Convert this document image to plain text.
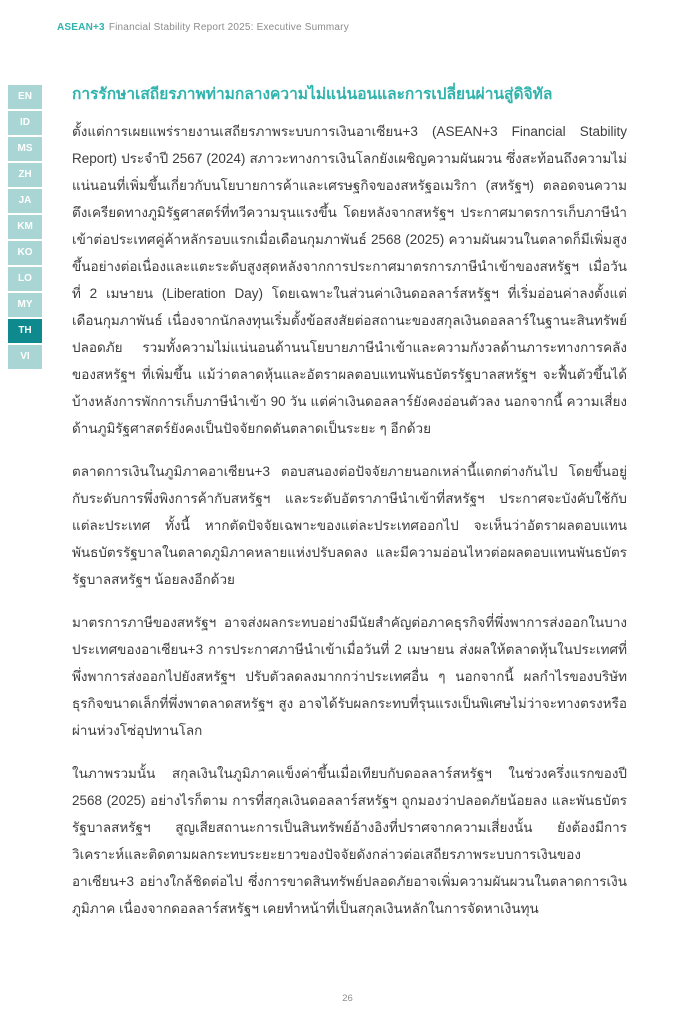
ASEAN+3 Financial Stability Report 2025: Executive Summary
EN
ID
MS
ZH
JA
KM
KO
LO
MY
TH
VI
การรักษาเสถียรภาพท่ามกลางความไม่แน่นอนและการเปลี่ยนผ่านสู่ดิจิทัล

ตั้งแต่การเผยแพร่รายงานเสถียรภาพระบบการเงินอาเซียน+3 (ASEAN+3 Financial Stability Report) ประจำปี 2567 (2024) สภาวะทางการเงินโลกยังเผชิญความผันผวน ซึ่งสะท้อนถึงความไม่แน่นอนที่เพิ่มขึ้นเกี่ยวกับนโยบายการค้าและเศรษฐกิจของสหรัฐอเมริกา (สหรัฐฯ) ตลอดจนความตึงเครียดทางภูมิรัฐศาสตร์ที่ทวีความรุนแรงขึ้น โดยหลังจากสหรัฐฯ ประกาศมาตรการเก็บภาษีนำเข้าต่อประเทศคู่ค้าหลักรอบแรกเมื่อเดือนกุมภาพันธ์ 2568 (2025) ความผันผวนในตลาดก็มีเพิ่มสูงขึ้นอย่างต่อเนื่องและแตะระดับสูงสุดหลังจากการประกาศมาตรการภาษีนำเข้าของสหรัฐฯ เมื่อวันที่ 2 เมษายน (Liberation Day) โดยเฉพาะในส่วนค่าเงินดอลลาร์สหรัฐฯ ที่เริ่มอ่อนค่าลงตั้งแต่เดือนกุมภาพันธ์ เนื่องจากนักลงทุนเริ่มตั้งข้อสงสัยต่อสถานะของสกุลเงินดอลลาร์ในฐานะสินทรัพย์ปลอดภัย รวมทั้งความไม่แน่นอนด้านนโยบายภาษีนำเข้าและความกังวลด้านภาระทางการคลังของสหรัฐฯ ที่เพิ่มขึ้น แม้ว่าตลาดหุ้นและอัตราผลตอบแทนพันธบัตรรัฐบาลสหรัฐฯ จะฟื้นตัวขึ้นได้บ้างหลังการพักการเก็บภาษีนำเข้า 90 วัน แต่ค่าเงินดอลลาร์ยังคงอ่อนตัวลง นอกจากนี้ ความเสี่ยงด้านภูมิรัฐศาสตร์ยังคงเป็นปัจจัยกดดันตลาดเป็นระยะ ๆ อีกด้วย

ตลาดการเงินในภูมิภาคอาเซียน+3 ตอบสนองต่อปัจจัยภายนอกเหล่านี้แตกต่างกันไป โดยขึ้นอยู่กับระดับการพึ่งพิงการค้ากับสหรัฐฯ และระดับอัตราภาษีนำเข้าที่สหรัฐฯ ประกาศจะบังคับใช้กับแต่ละประเทศ ทั้งนี้ หากตัดปัจจัยเฉพาะของแต่ละประเทศออกไป จะเห็นว่าอัตราผลตอบแทนพันธบัตรรัฐบาลในตลาดภูมิภาคหลายแห่งปรับลดลง และมีความอ่อนไหวต่อผลตอบแทนพันธบัตรรัฐบาลสหรัฐฯ น้อยลงอีกด้วย

มาตรการภาษีของสหรัฐฯ อาจส่งผลกระทบอย่างมีนัยสำคัญต่อภาคธุรกิจที่พึ่งพาการส่งออกในบางประเทศของอาเซียน+3 การประกาศภาษีนำเข้าเมื่อวันที่ 2 เมษายน ส่งผลให้ตลาดหุ้นในประเทศที่พึ่งพาการส่งออกไปยังสหรัฐฯ ปรับตัวลดลงมากกว่าประเทศอื่น ๆ นอกจากนี้ ผลกำไรของบริษัทธุรกิจขนาดเล็กที่พึ่งพาตลาดสหรัฐฯ สูง อาจได้รับผลกระทบที่รุนแรงเป็นพิเศษไม่ว่าจะทางตรงหรือผ่านห่วงโซ่อุปทานโลก

ในภาพรวมนั้น สกุลเงินในภูมิภาคแข็งค่าขึ้นเมื่อเทียบกับดอลลาร์สหรัฐฯ ในช่วงครึ่งแรกของปี 2568 (2025) อย่างไรก็ตาม การที่สกุลเงินดอลลาร์สหรัฐฯ ถูกมองว่าปลอดภัยน้อยลง และพันธบัตรรัฐบาลสหรัฐฯ สูญเสียสถานะการเป็นสินทรัพย์อ้างอิงที่ปราศจากความเสี่ยงนั้น ยังต้องมีการวิเคราะห์และติดตามผลกระทบระยะยาวของปัจจัยดังกล่าวต่อเสถียรภาพระบบการเงินของอาเซียน+3 อย่างใกล้ชิดต่อไป ซึ่งการขาดสินทรัพย์ปลอดภัยอาจเพิ่มความผันผวนในตลาดการเงินภูมิภาค เนื่องจากดอลลาร์สหรัฐฯ เคยทำหน้าที่เป็นสกุลเงินหลักในการจัดหาเงินทุน

26
